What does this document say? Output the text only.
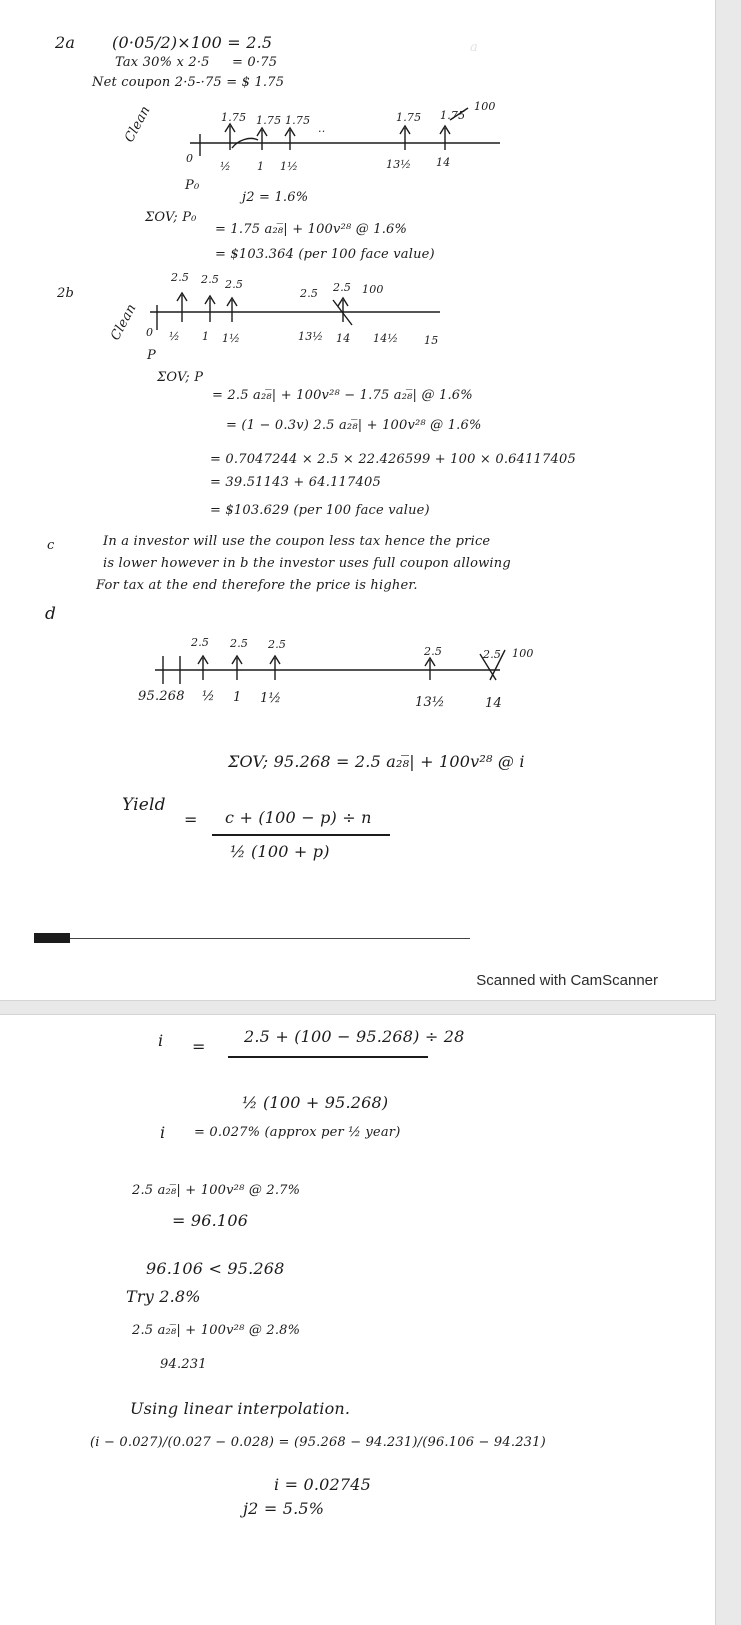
a
2a (0·05/2)×100 = 2.5
Tax 30% x 2·5 = 0·75
Net coupon 2·5-·75 = $ 1.75
1.75 1.75 1.75
..
1.75 1.75
100
0
½ 1 1½	13½ 14
Clean
P₀
j2 = 1.6%
ΣOV; P₀
= 1.75 a₂₈̅| + 100v²⁸ @ 1.6%
= $103.364 (per 100 face value)
2b
2.5 2.5 2.5
2.5 2.5 100
0 ½ 1 1½	13½ 14 14½ 15
Clean
P
ΣOV; P
= 2.5 a₂₈̅| + 100v²⁸ − 1.75 a₂₈̅| @ 1.6%
= (1 − 0.3v) 2.5 a₂₈̅| + 100v²⁸ @ 1.6%
= 0.7047244 × 2.5 × 22.426599 + 100 × 0.64117405
= 39.51143 + 64.117405
= $103.629 (per 100 face value)
c	In a investor will use the coupon less tax hence the price
is lower however in b the investor uses full coupon allowing
For tax at the end therefore the price is higher.
d
2.5 2.5 2.5
2.5	2.5 100
95.268 ½ 1 1½	13½	14
ΣOV; 95.268 = 2.5 a₂₈̅| + 100v²⁸ @ i
Yield
= c + (100 − p) ÷ n
½ (100 + p)
Scanned with CamScanner
i =
2.5 + (100 − 95.268) ÷ 28
½ (100 + 95.268)
i = 0.027% (approx per ½ year)
2.5 a₂₈̅| + 100v²⁸ @ 2.7%
= 96.106
96.106 < 95.268
Try 2.8%
2.5 a₂₈̅| + 100v²⁸ @ 2.8%
94.231
Using linear interpolation.
(i − 0.027)/(0.027 − 0.028) = (95.268 − 94.231)/(96.106 − 94.231)
i = 0.02745
j2 = 5.5%
